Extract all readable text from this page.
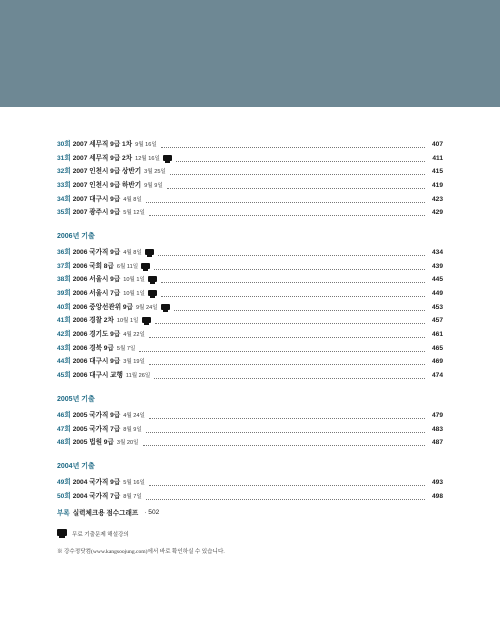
30회 2007 세무직 9급 1차 9월 16일	407
31회 2007 세무직 9급 2차 12월 16일	411
32회 2007 인천시 9급 상반기 3월 25일	415
33회 2007 인천시 9급 하반기 9월 9일	419
34회 2007 대구시 9급 4월 8일	423
35회 2007 광주시 9급 5월 12일	429
2006년 기출
36회 2006 국가직 9급 4월 8일	434
37회 2006 국회 8급 6월 11일	439
38회 2006 서울시 9급 10월 1일	445
39회 2006 서울시 7급 10월 1일	449
40회 2006 중앙선관위 9급 9월 24일	453
41회 2006 경찰 2차 10월 1일	457
42회 2006 경기도 9급 4월 22일	461
43회 2006 경북 9급 5월 7일	465
44회 2006 대구시 9급 3월 19일	469
45회 2006 대구시 교행 11월 26일	474
2005년 기출
46회 2005 국가직 9급 4월 24일	479
47회 2005 국가직 7급 8월 9일	483
48회 2005 법원 9급 3월 20일	487
2004년 기출
49회 2004 국가직 9급 5월 16일	493
50회 2004 국가직 7급 8월 7일	498
부록 실력체크용 점수그래프 · 502
무료 기출문제 해설강의
※ 강수정닷컴(www.kangsoojung.com)에서 바로 확인하실 수 있습니다.
